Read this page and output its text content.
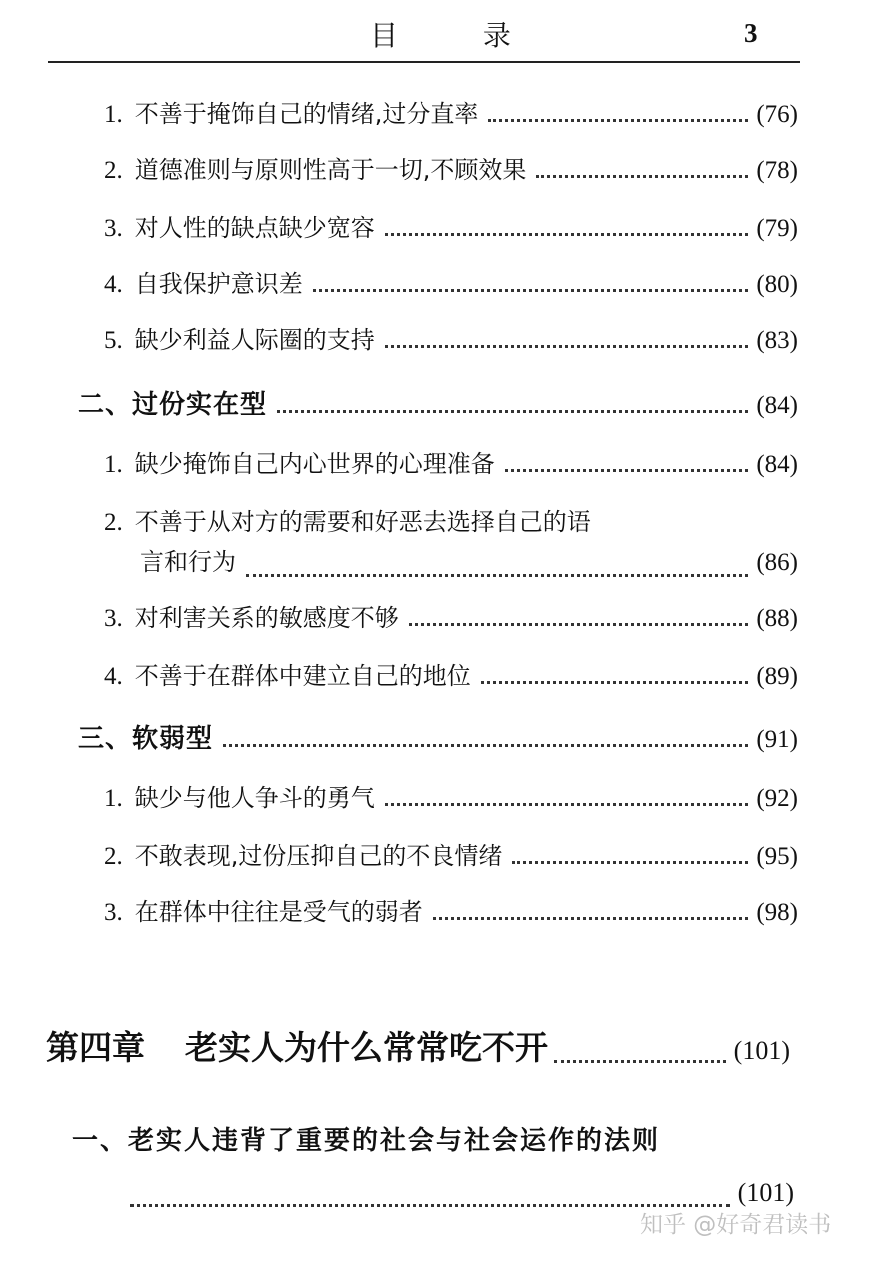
目 录	3
1. 不善于掩饰自己的情绪,过分直率	(76)
2. 道德准则与原则性高于一切,不顾效果	(78)
3. 对人性的缺点缺少宽容	(79)
4. 自我保护意识差	(80)
5. 缺少利益人际圈的支持	(83)
二、过份实在型	(84)
1. 缺少掩饰自己内心世界的心理准备	(84)
2. 不善于从对方的需要和好恶去选择自己的语
言和行为	(86)
3. 对利害关系的敏感度不够	(88)
4. 不善于在群体中建立自己的地位	(89)
三、软弱型	(91)
1. 缺少与他人争斗的勇气	(92)
2. 不敢表现,过份压抑自己的不良情绪	(95)
3. 在群体中往往是受气的弱者	(98)
第四章 老实人为什么常常吃不开	(101)
一、老实人违背了重要的社会与社会运作的法则
(101)
知乎 @好奇君读书
